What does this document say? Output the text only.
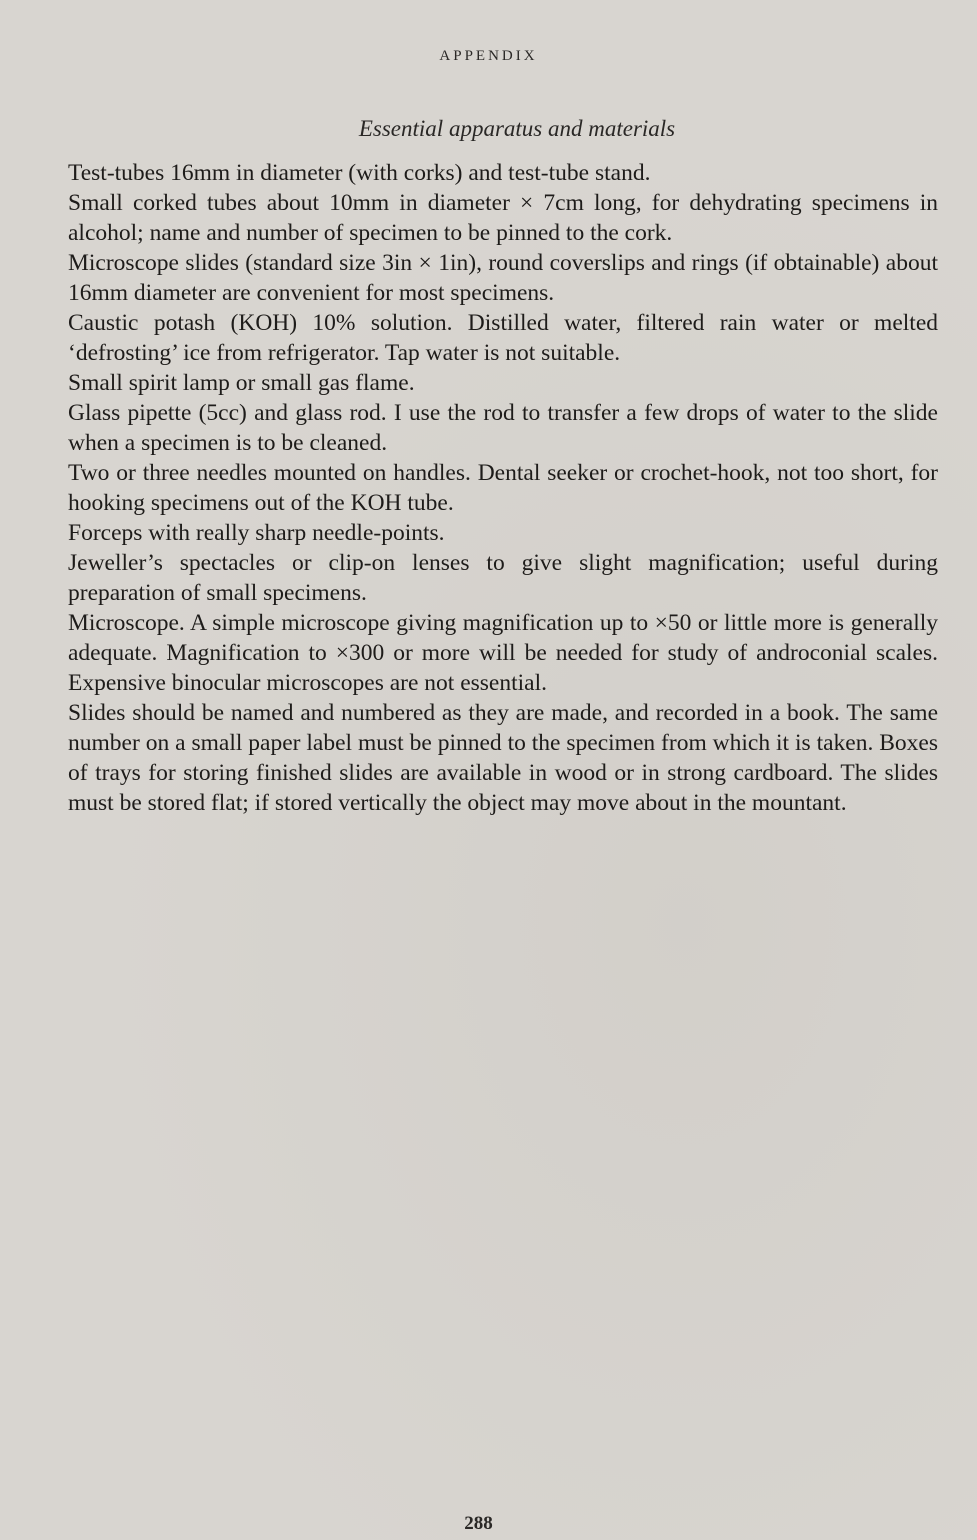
APPENDIX
Essential apparatus and materials

Test-tubes 16mm in diameter (with corks) and test-tube stand.

Small corked tubes about 10mm in diameter × 7cm long, for dehydrating specimens in alcohol; name and number of specimen to be pinned to the cork.

Microscope slides (standard size 3in × 1in), round coverslips and rings (if obtainable) about 16mm diameter are convenient for most specimens.

Caustic potash (KOH) 10% solution. Distilled water, filtered rain water or melted ‘defrosting’ ice from refrigerator. Tap water is not suitable.

Small spirit lamp or small gas flame.

Glass pipette (5cc) and glass rod. I use the rod to transfer a few drops of water to the slide when a specimen is to be cleaned.

Two or three needles mounted on handles. Dental seeker or crochet-hook, not too short, for hooking specimens out of the KOH tube.

Forceps with really sharp needle-points.

Jeweller’s spectacles or clip-on lenses to give slight magnification; useful during preparation of small specimens.

Microscope. A simple microscope giving magnification up to ×50 or little more is generally adequate. Magnification to ×300 or more will be needed for study of androconial scales. Expensive binocular microscopes are not essential.

Slides should be named and numbered as they are made, and recorded in a book. The same number on a small paper label must be pinned to the specimen from which it is taken. Boxes of trays for storing finished slides are available in wood or in strong cardboard. The slides must be stored flat; if stored vertically the object may move about in the mountant.

288
